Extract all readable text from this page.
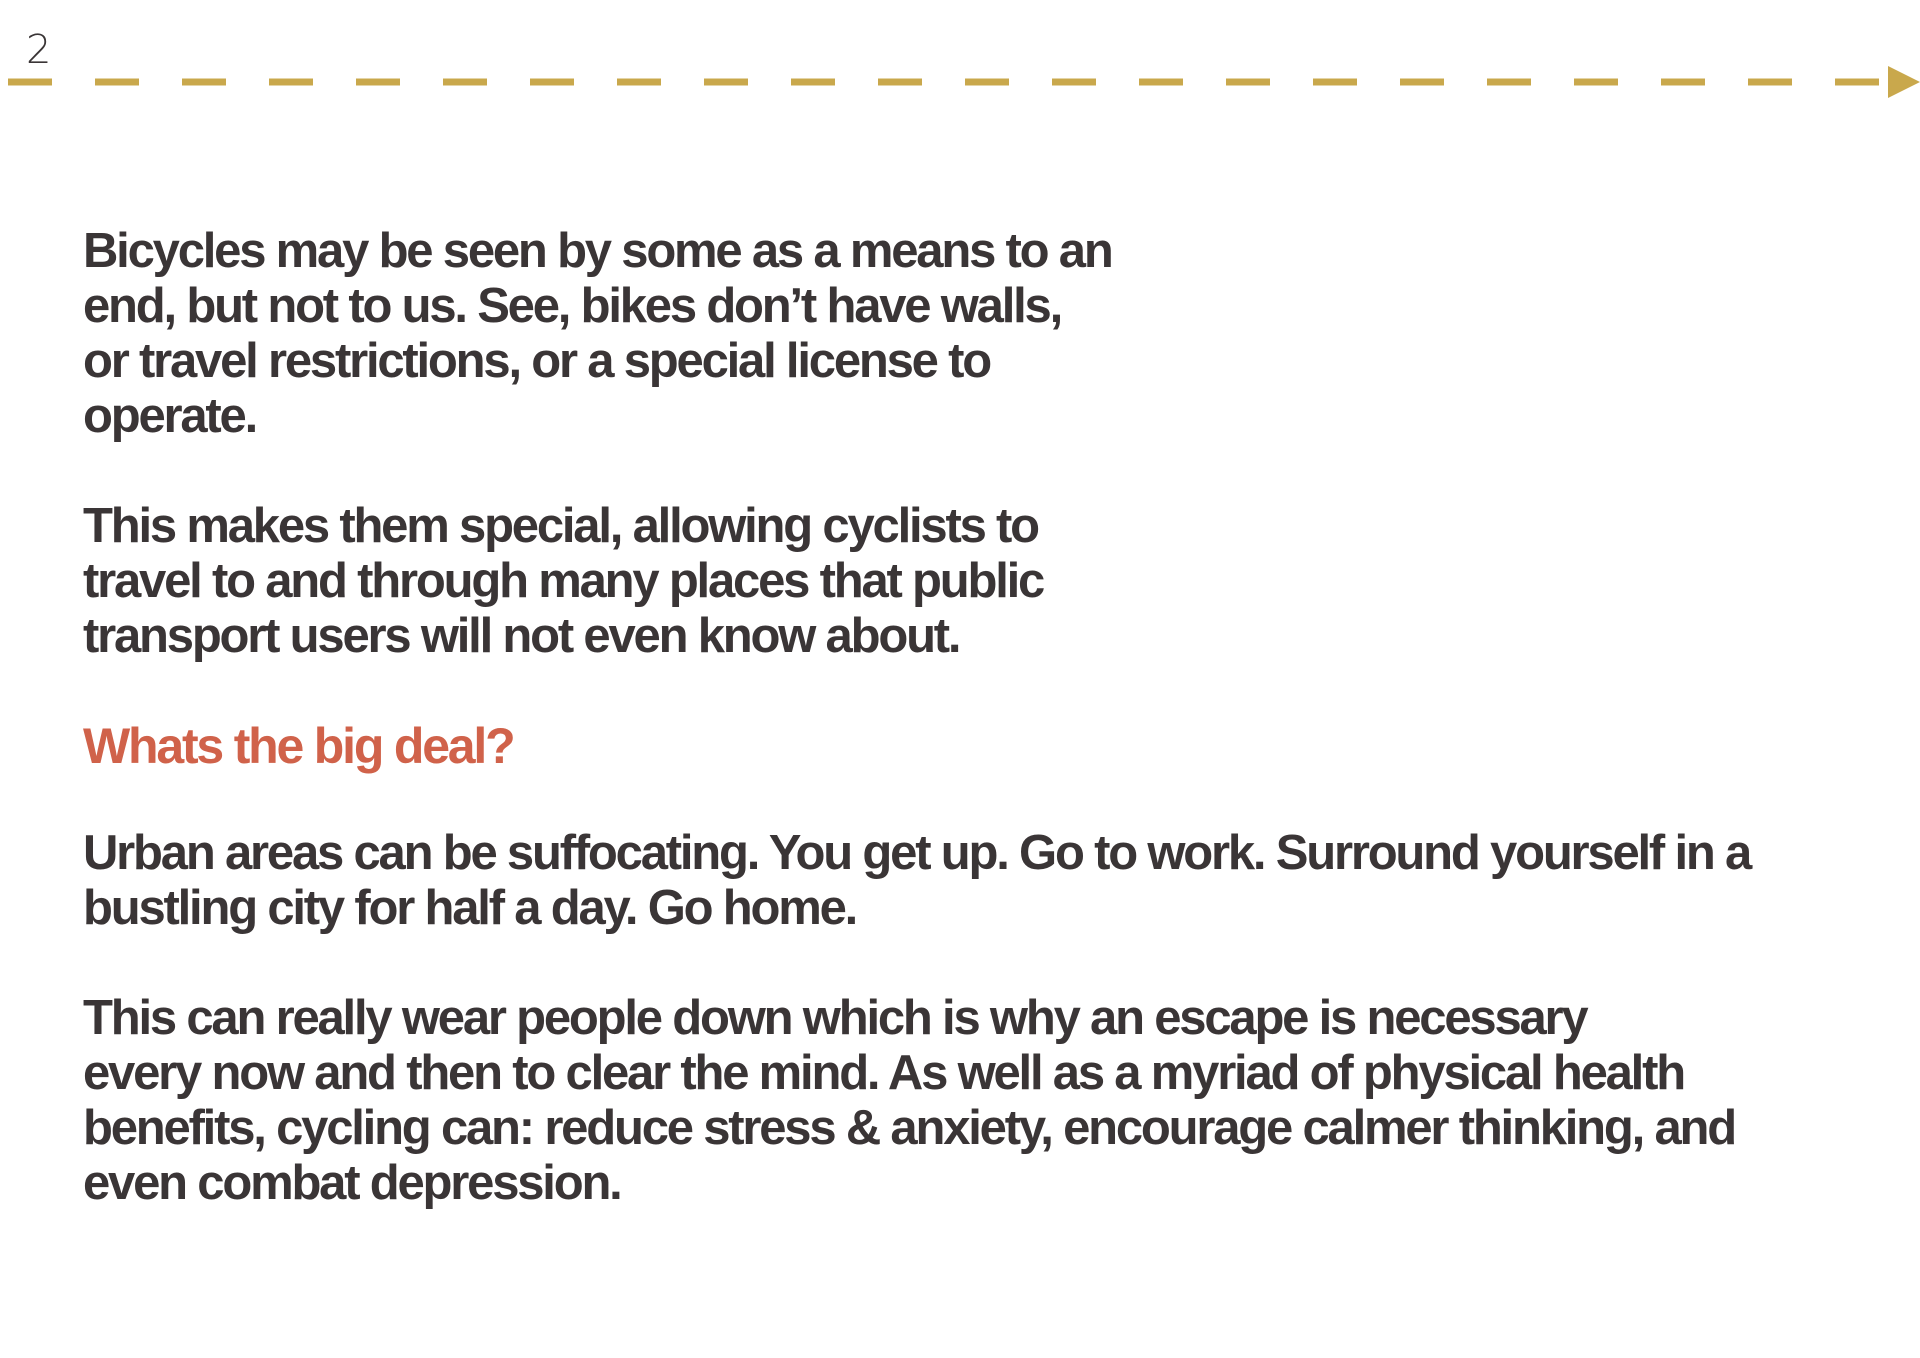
2

Bicycles may be seen by some as a means to an
end, but not to us. See, bikes don’t have walls,
or travel restrictions, or a special license to
operate.

This makes them special, allowing cyclists to
travel to and through many places that public
transport users will not even know about.

Whats the big deal?

Urban areas can be suffocating. You get up. Go to work. Surround yourself in a
bustling city for half a day. Go home.

This can really wear people down which is why an escape is necessary
every now and then to clear the mind. As well as a myriad of physical health
benefits, cycling can: reduce stress & anxiety, encourage calmer thinking, and
even combat depression.
